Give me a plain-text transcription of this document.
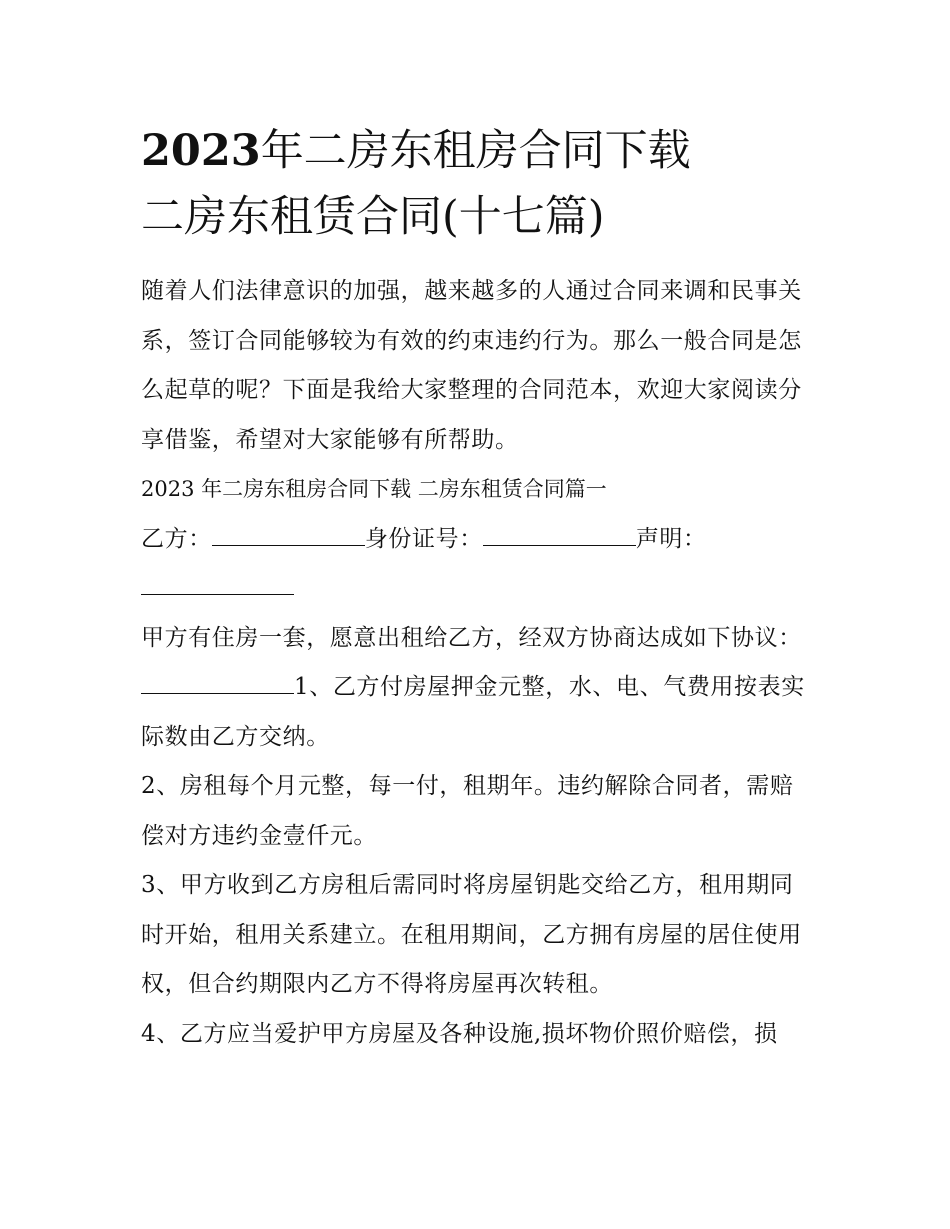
2023年二房东租房合同下载
二房东租赁合同(十七篇)

随着人们法律意识的加强，越来越多的人通过合同来调和民事关系，签订合同能够较为有效的约束违约行为。那么一般合同是怎么起草的呢？下面是我给大家整理的合同范本，欢迎大家阅读分享借鉴，希望对大家能够有所帮助。

2023 年二房东租房合同下载 二房东租赁合同篇一

乙方：	身份证号：	声明：

甲方有住房一套，愿意出租给乙方，经双方协商达成如下协议：1、乙方付房屋押金元整，水、电、气费用按表实际数由乙方交纳。

2、房租每个月元整，每一付，租期年。违约解除合同者，需赔偿对方违约金壹仟元。

3、甲方收到乙方房租后需同时将房屋钥匙交给乙方，租用期同时开始，租用关系建立。在租用期间，乙方拥有房屋的居住使用权，但合约期限内乙方不得将房屋再次转租。

4、乙方应当爱护甲方房屋及各种设施,损坏物价照价赔偿，损
